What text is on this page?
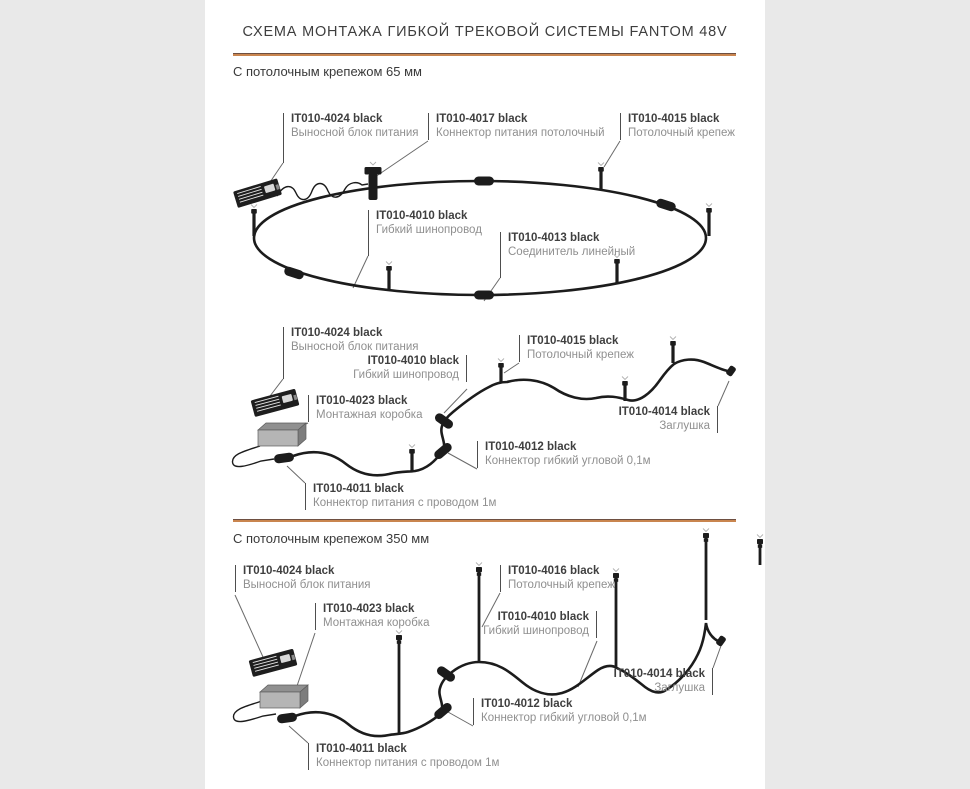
СХЕМА МОНТАЖА ГИБКОЙ ТРЕКОВОЙ СИСТЕМЫ FANTOM 48V
С потолочным крепежом 65 мм
С потолочным крепежом 350 мм
IT010-4024 black
Выносной блок питания
IT010-4017 black
Коннектор питания потолочный
IT010-4015 black
Потолочный крепеж
IT010-4010 black
Гибкий шинопровод
IT010-4013 black
Соединитель линейный
IT010-4024 black
Выносной блок питания
IT010-4010 black
Гибкий шинопровод
IT010-4015 black
Потолочный крепеж
IT010-4023 black
Монтажная коробка	IT010-4014 black
Заглушка
IT010-4012 black
Коннектор гибкий угловой 0,1м
IT010-4011 black
Коннектор питания с проводом 1м
IT010-4024 black
Выносной блок питания
IT010-4023 black
Монтажная коробка
IT010-4016 black
Потолочный крепеж
IT010-4010 black
Гибкий шинопровод
IT010-4014 black
Заглушка
IT010-4012 black
Коннектор гибкий угловой 0,1м
IT010-4011 black
Коннектор питания с проводом 1м
